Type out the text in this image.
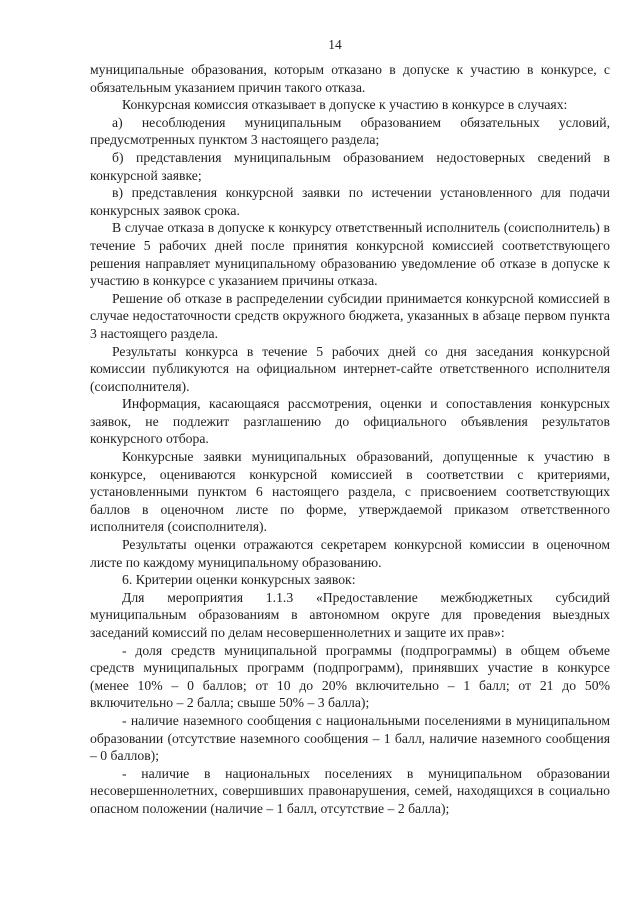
14

муниципальные образования, которым отказано в допуске к участию в конкурсе, с обязательным указанием причин такого отказа.

Конкурсная комиссия отказывает в допуске к участию в конкурсе в случаях:

а) несоблюдения муниципальным образованием обязательных условий, предусмотренных пунктом 3 настоящего раздела;

б) представления муниципальным образованием недостоверных сведений в конкурсной заявке;

в) представления конкурсной заявки по истечении установленного для подачи конкурсных заявок срока.

В случае отказа в допуске к конкурсу ответственный исполнитель (соисполнитель) в течение 5 рабочих дней после принятия конкурсной комиссией соответствующего решения направляет муниципальному образованию уведомление об отказе в допуске к участию в конкурсе с указанием причины отказа.

Решение об отказе в распределении субсидии принимается конкурсной комиссией в случае недостаточности средств окружного бюджета, указанных в абзаце первом пункта 3 настоящего раздела.

Результаты конкурса в течение 5 рабочих дней со дня заседания конкурсной комиссии публикуются на официальном интернет-сайте ответственного исполнителя (соисполнителя).

Информация, касающаяся рассмотрения, оценки и сопоставления конкурсных заявок, не подлежит разглашению до официального объявления результатов конкурсного отбора.

Конкурсные заявки муниципальных образований, допущенные к участию в конкурсе, оцениваются конкурсной комиссией в соответствии с критериями, установленными пунктом 6 настоящего раздела, с присвоением соответствующих баллов в оценочном листе по форме, утверждаемой приказом ответственного исполнителя (соисполнителя).

Результаты оценки отражаются секретарем конкурсной комиссии в оценочном листе по каждому муниципальному образованию.

6. Критерии оценки конкурсных заявок:

Для мероприятия 1.1.3 «Предоставление межбюджетных субсидий муниципальным образованиям в автономном округе для проведения выездных заседаний комиссий по делам несовершеннолетних и защите их прав»:

- доля средств муниципальной программы (подпрограммы) в общем объеме средств муниципальных программ (подпрограмм), принявших участие в конкурсе (менее 10% – 0 баллов; от 10 до 20% включительно – 1 балл; от 21 до 50% включительно – 2 балла; свыше 50% – 3 балла);

- наличие наземного сообщения с национальными поселениями в муниципальном образовании (отсутствие наземного сообщения – 1 балл, наличие наземного сообщения – 0 баллов);

- наличие в национальных поселениях в муниципальном образовании несовершеннолетних, совершивших правонарушения, семей, находящихся в социально опасном положении (наличие – 1 балл, отсутствие – 2 балла);
